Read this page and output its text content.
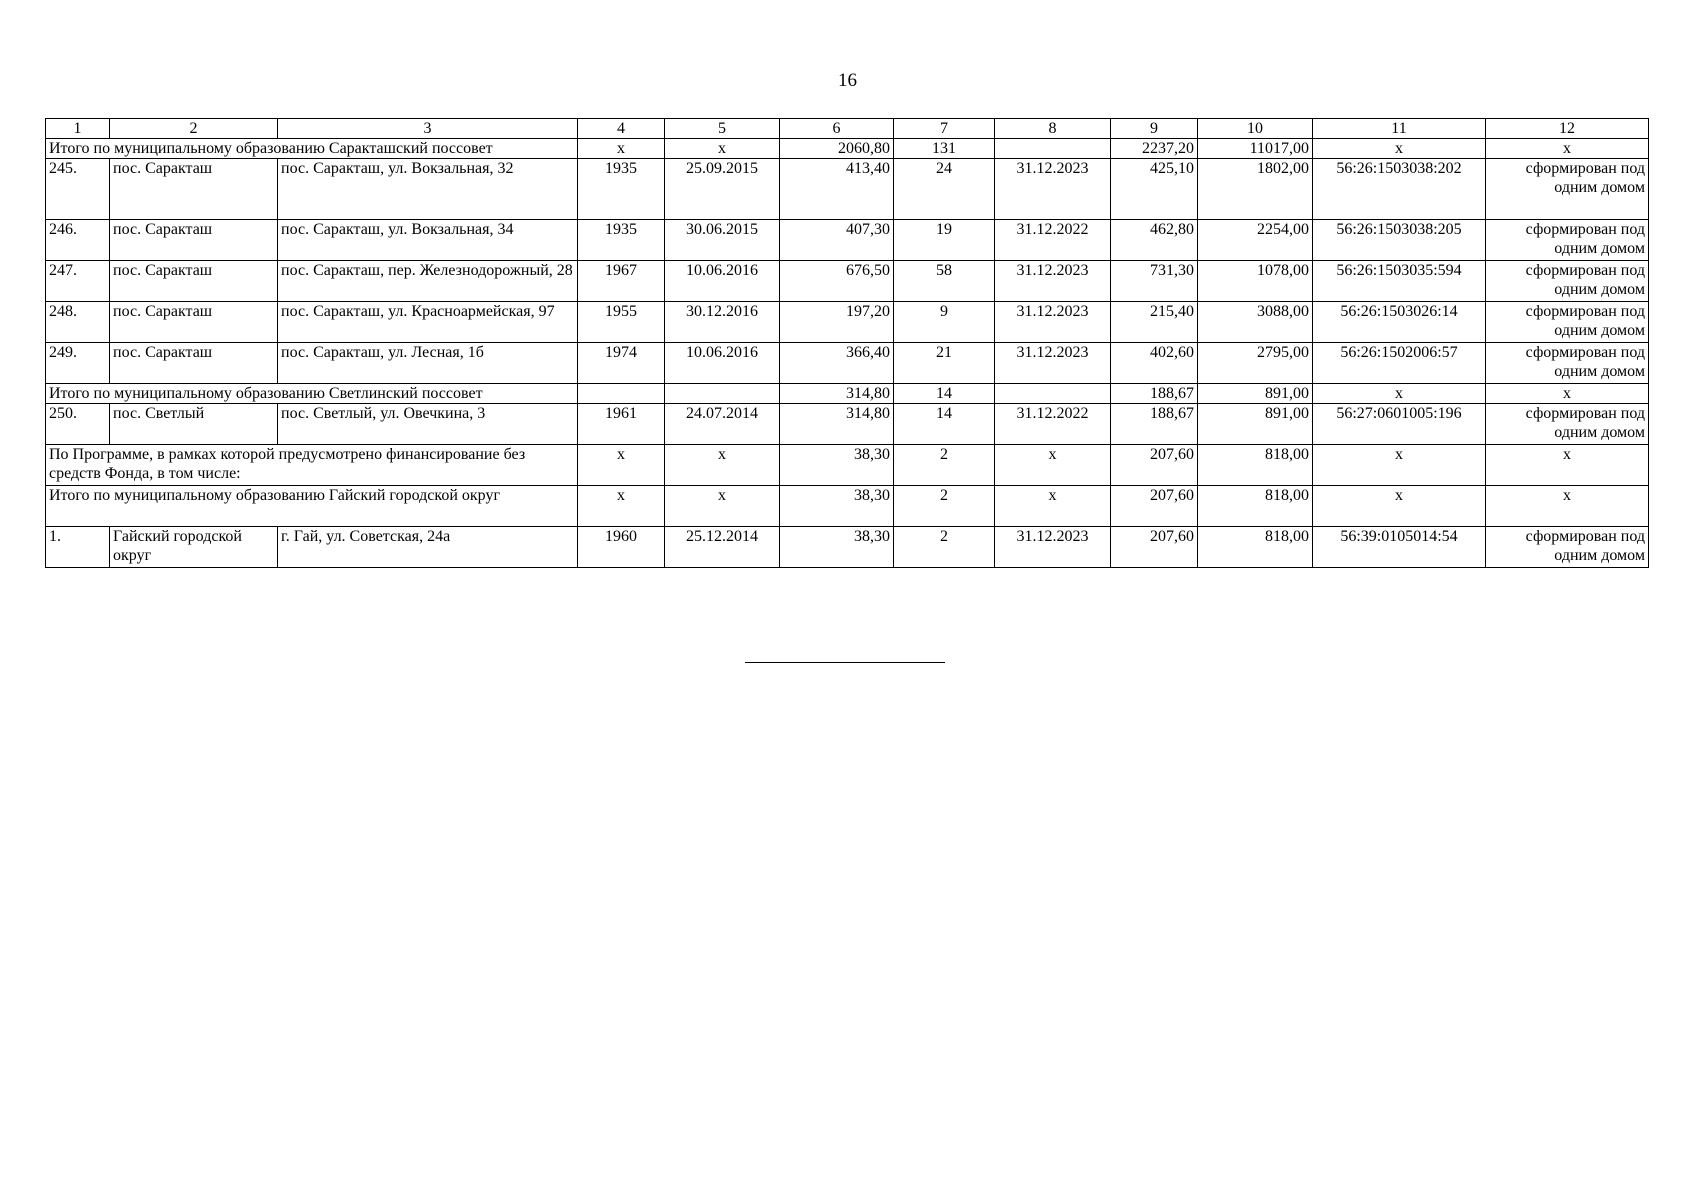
16
1	2	3	4	5	6	7	8	9	10	11	12
Итого по муниципальному образованию Саракташский поссовет			x	x	2060,80	131		2237,20	11017,00	x	x
245.	пос. Саракташ	пос. Саракташ, ул. Вокзальная, 32	1935	25.09.2015	413,40	24	31.12.2023	425,10	1802,00	56:26:1503038:202	сформирован под одним домом
246.	пос. Саракташ	пос. Саракташ, ул. Вокзальная, 34	1935	30.06.2015	407,30	19	31.12.2022	462,80	2254,00	56:26:1503038:205	сформирован под одним домом
247.	пос. Саракташ	пос. Саракташ, пер. Железнодорожный, 28	1967	10.06.2016	676,50	58	31.12.2023	731,30	1078,00	56:26:1503035:594	сформирован под одним домом
248.	пос. Саракташ	пос. Саракташ, ул. Красноармейская, 97	1955	30.12.2016	197,20	9	31.12.2023	215,40	3088,00	56:26:1503026:14	сформирован под одним домом
249.	пос. Саракташ	пос. Саракташ, ул. Лесная, 1б	1974	10.06.2016	366,40	21	31.12.2023	402,60	2795,00	56:26:1502006:57	сформирован под одним домом
Итого по муниципальному образованию Светлинский поссовет					314,80	14		188,67	891,00	x	x
250.	пос. Светлый	пос. Светлый, ул. Овечкина, 3	1961	24.07.2014	314,80	14	31.12.2022	188,67	891,00	56:27:0601005:196	сформирован под одним домом
По Программе, в рамках которой предусмотрено финансирование без средств Фонда, в том числе:			x	x	38,30	2	x	207,60	818,00	x	x
Итого по муниципальному образованию Гайский городской округ			x	x	38,30	2	x	207,60	818,00	x	x
1.	Гайский городской округ	г. Гай, ул. Советская, 24а	1960	25.12.2014	38,30	2	31.12.2023	207,60	818,00	56:39:0105014:54	сформирован под одним домом
